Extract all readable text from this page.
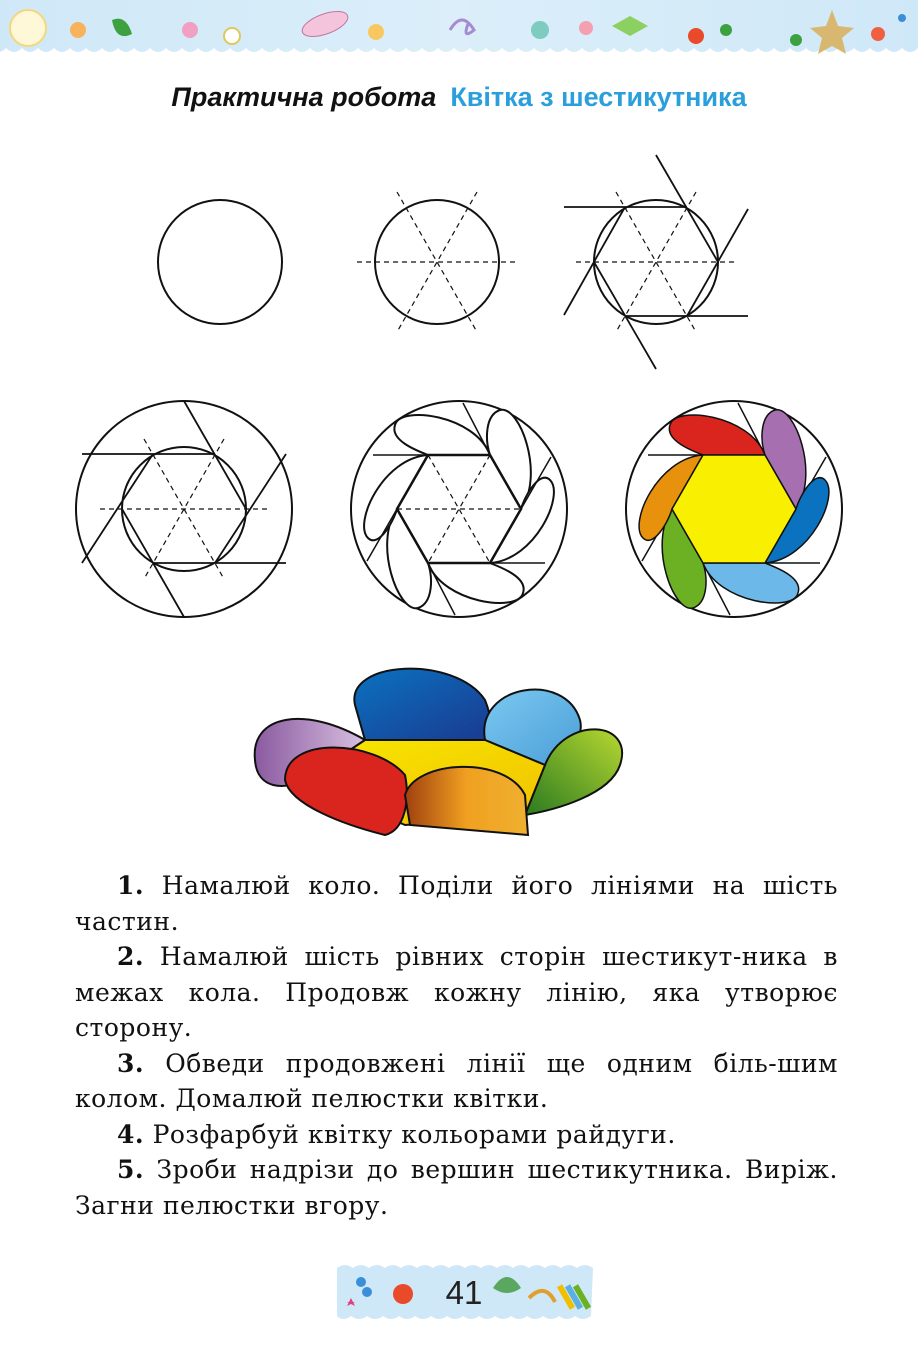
Практична робота Квітка з шестикутника

1. Намалюй коло. Поділи його лініями на шість частин.

2. Намалюй шість рівних сторін шестикут-ника в межах кола. Продовж кожну лінію, яка утворює сторону.

3. Обведи продовжені лінії ще одним біль-шим колом. Домалюй пелюстки квітки.

4. Розфарбуй квітку кольорами райдуги.

5. Зроби надрізи до вершин шестикутника. Виріж. Загни пелюстки вгору.

41
